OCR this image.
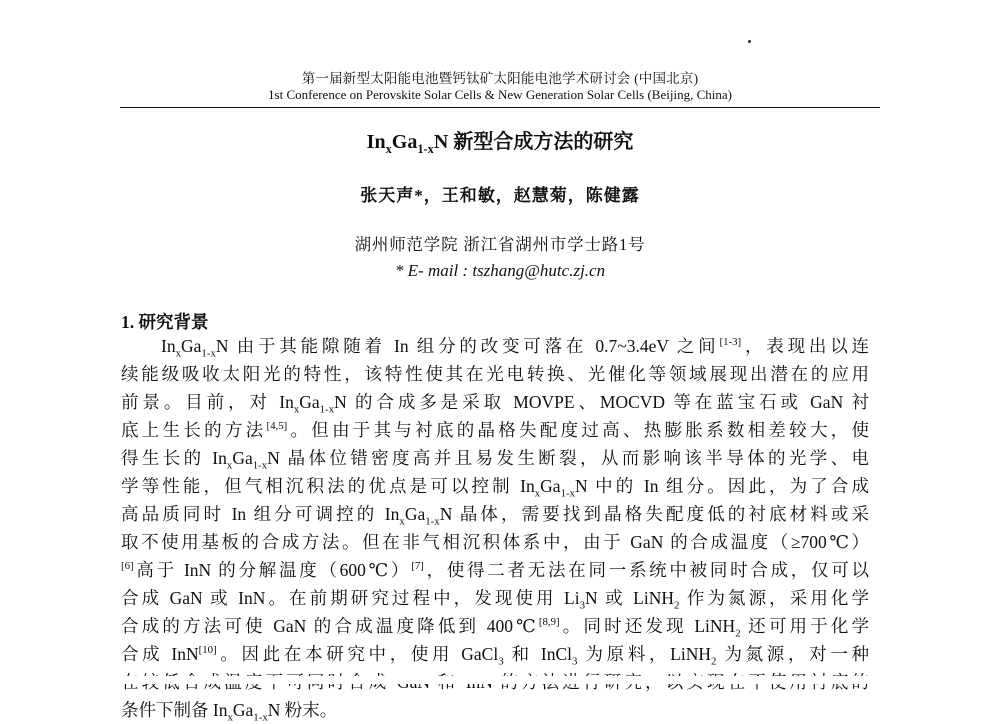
第一届新型太阳能电池暨钙钛矿太阳能电池学术研讨会 (中国北京)
1st Conference on Perovskite Solar Cells & New Generation Solar Cells (Beijing, China)
$In_xGa_{1-x}N$ 新型合成方法的研究
张天声*，王和敏，赵慧菊，陈健露
湖州师范学院 浙江省湖州市学士路1号
* E- mail : tszhang@hutc.zj.cn
1. 研究背景
$In_xGa_{1-x}N$ 由于其能隙随着 In 组分的改变可落在 0.7~3.4eV 之间[1-3]，表现出以连
续能级吸收太阳光的特性，该特性使其在光电转换、光催化等领域展现出潜在的应用
前景。目前，对 $In_xGa_{1-x}N$ 的合成多是采取 MOVPE、MOCVD 等在蓝宝石或 GaN 衬
底上生长的方法[4,5]。但由于其与衬底的晶格失配度过高、热膨胀系数相差较大，使
得生长的 $In_xGa_{1-x}N$ 晶体位错密度高并且易发生断裂，从而影响该半导体的光学、电
学等性能，但气相沉积法的优点是可以控制 $In_xGa_{1-x}N$ 中的 In 组分。因此，为了合成
高品质同时 In 组分可调控的 $In_xGa_{1-x}N$ 晶体，需要找到晶格失配度低的衬底材料或采
取不使用基板的合成方法。但在非气相沉积体系中，由于 GaN 的合成温度（≥700℃）
[6]高于 InN 的分解温度（600℃）[7]，使得二者无法在同一系统中被同时合成，仅可以
合成 GaN 或 InN。在前期研究过程中，发现使用 $Li_3N$ 或 LiNH$_2$ 作为氮源，采用化学
合成的方法可使 GaN 的合成温度降低到 400℃[8,9]。同时还发现 LiNH$_2$ 还可用于化学
合成 InN[10]。因此在本研究中，使用 GaCl$_3$ 和 InCl$_3$ 为原料，LiNH$_2$ 为氮源，对一种
条件下制备 $In_xGa_{1-x}N$ 粉末。
